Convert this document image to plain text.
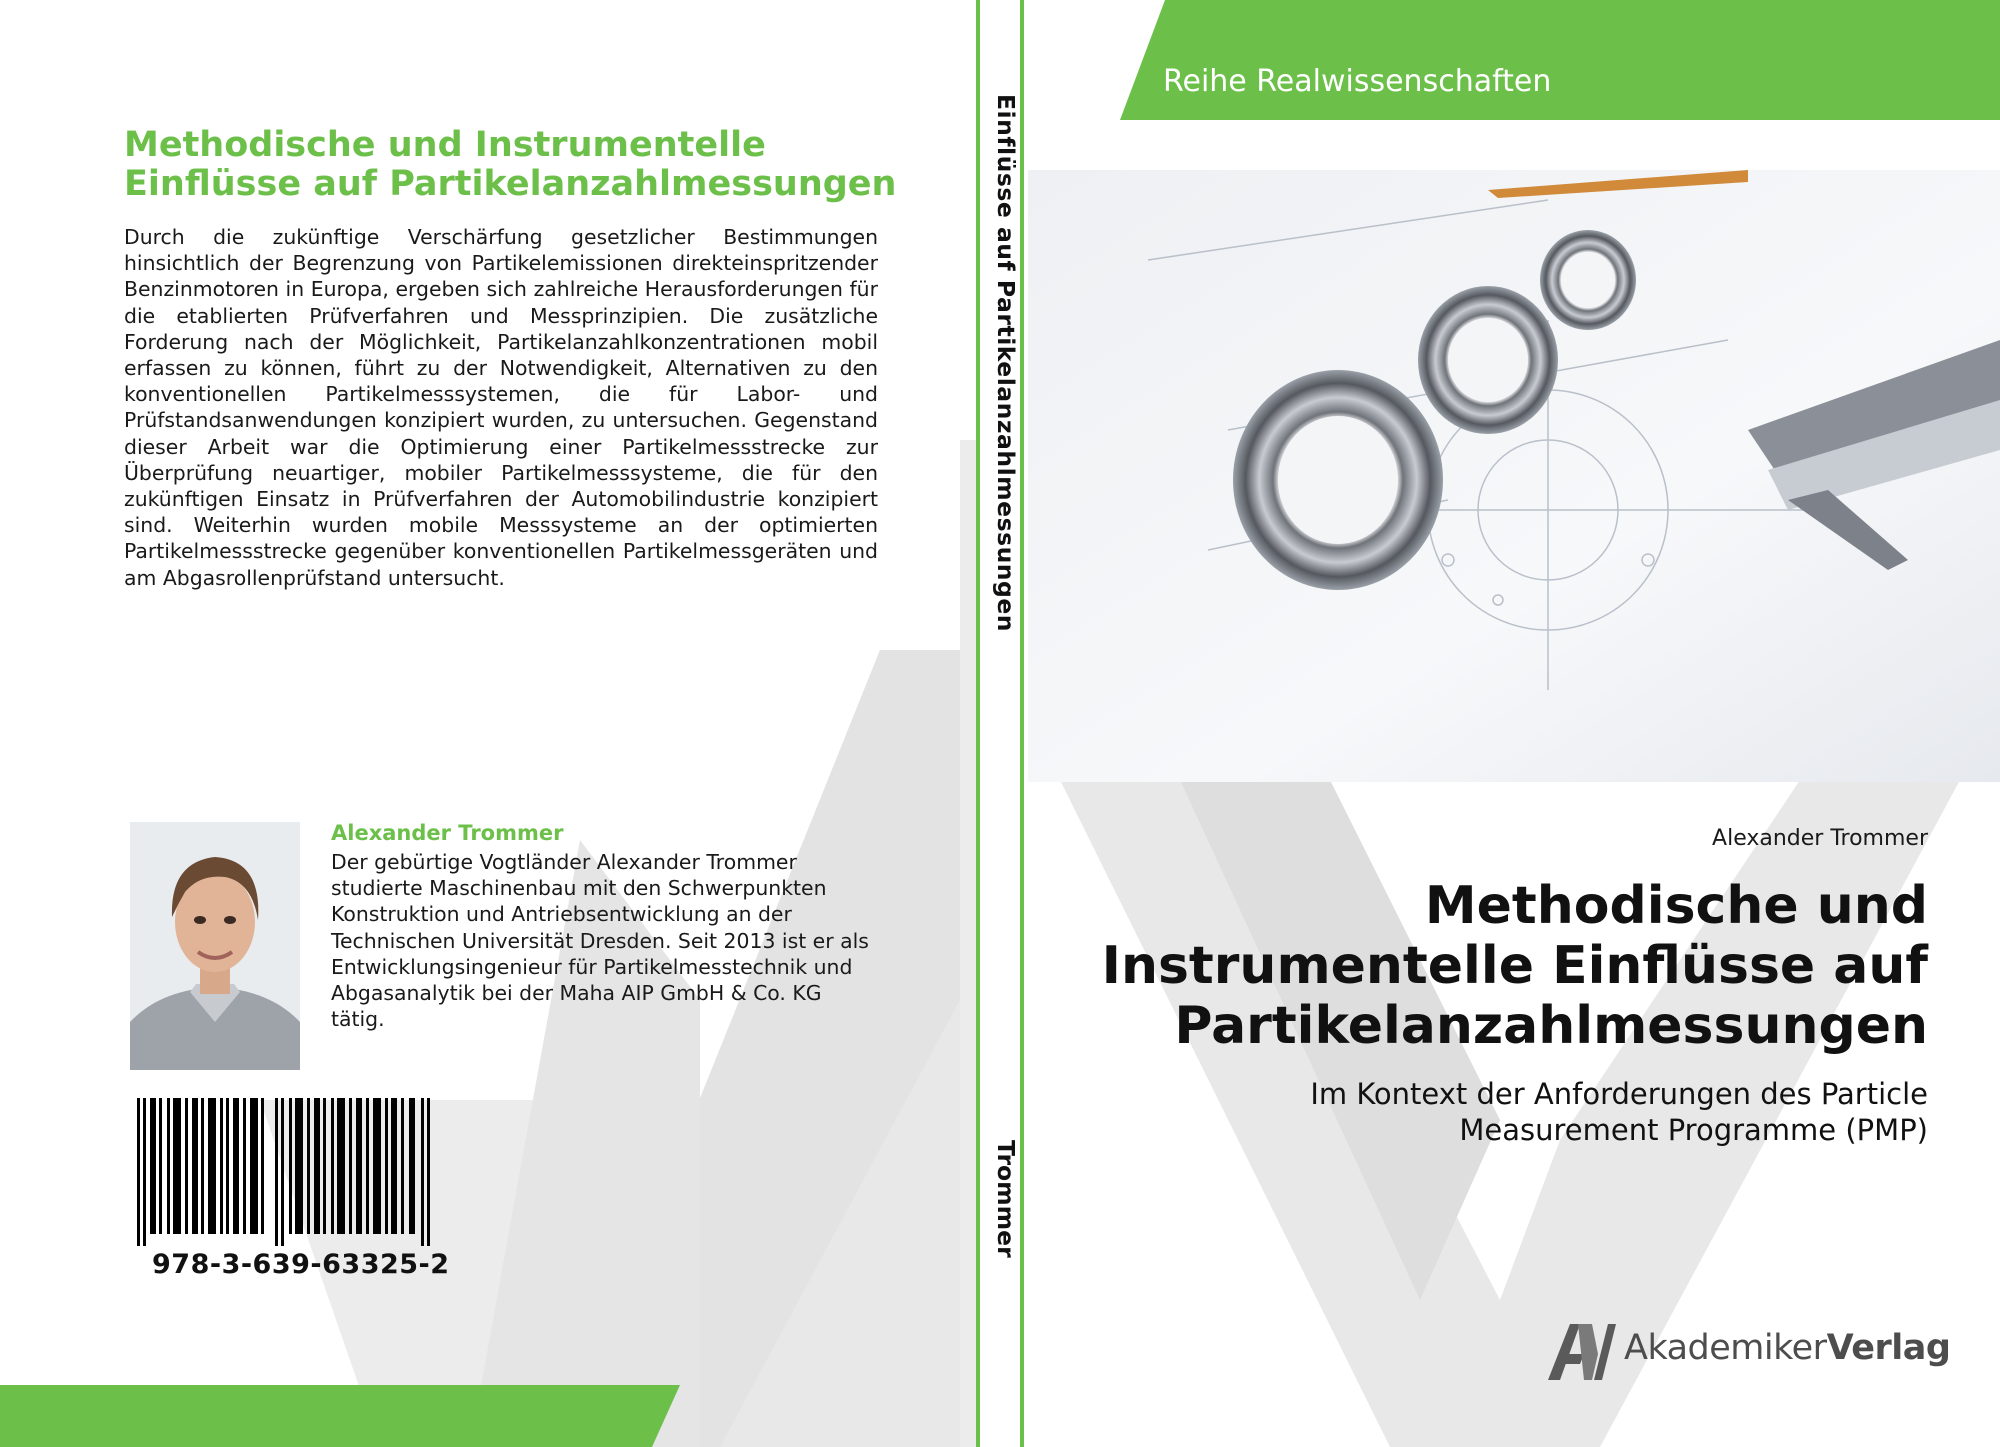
Methodische und Instrumentelle Einflüsse auf Partikelanzahlmessungen
Durch die zukünftige Verschärfung gesetzlicher Bestimmungen hinsichtlich der Begrenzung von Partikelemissionen direkteinspritzender Benzinmotoren in Europa, ergeben sich zahlreiche Herausforderungen für die etablierten Prüfverfahren und Messprinzipien. Die zusätzliche Forderung nach der Möglichkeit, Partikelanzahlkonzentrationen mobil erfassen zu können, führt zu der Notwendigkeit, Alternativen zu den konventionellen Partikelmesssystemen, die für Labor- und Prüfstandsanwendungen konzipiert wurden, zu untersuchen. Gegenstand dieser Arbeit war die Optimierung einer Partikelmessstrecke zur Überprüfung neuartiger, mobiler Partikelmesssysteme, die für den zukünftigen Einsatz in Prüfverfahren der Automobilindustrie konzipiert sind. Weiterhin wurden mobile Messsysteme an der optimierten Partikelmessstrecke gegenüber konventionellen Partikelmessgeräten und am Abgasrollenprüfstand untersucht.
Alexander Trommer
Der gebürtige Vogtländer Alexander Trommer studierte Maschinenbau mit den Schwerpunkten Konstruktion und Antriebsentwicklung an der Technischen Universität Dresden. Seit 2013 ist er als Entwicklungsingenieur für Partikelmesstechnik und Abgasanalytik bei der Maha AIP GmbH & Co. KG tätig.
978-3-639-63325-2
Einflüsse auf Partikelanzahlmessungen
Trommer
Reihe Realwissenschaften
Alexander Trommer
Methodische und
Instrumentelle Einflüsse auf
Partikelanzahlmessungen
Im Kontext der Anforderungen des Particle
Measurement Programme (PMP)
AkademikerVerlag
